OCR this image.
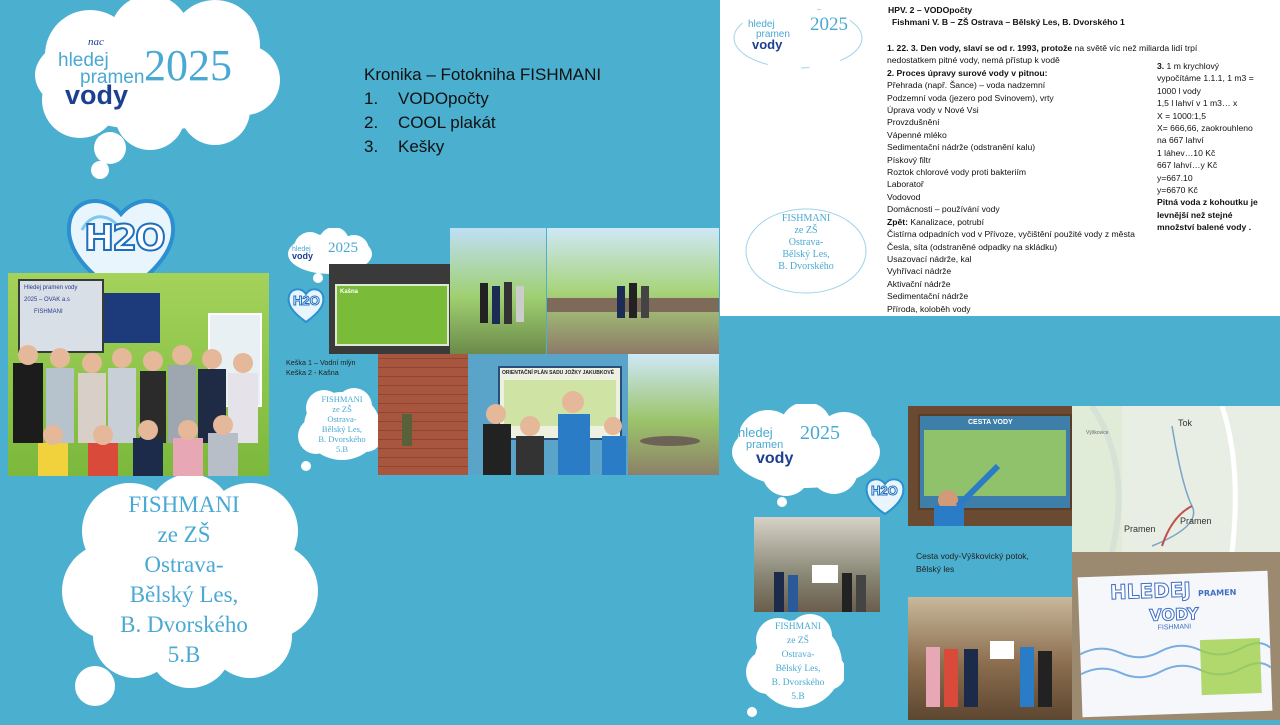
nac
hledej
pramen
vody
2025
H2O
Hledej pramen vody
2025 – OVAK a.s
FISHMANI
FISHMANI
ze ZŠ
Ostrava-
Bělský Les,
B. Dvorského
5.B
Kronika – Fotokniha FISHMANI
1. VODOpočty
2. COOL plakát
3. Kešky
hledej
vody 2025
H2O
Kašna
Keška 1 – Vodní mlýn
Keška 2 - Kašna
FISHMANI
ze ZŠ
Ostrava-
Bělský Les,
B. Dvorského
5.B
ORIENTAČNÍ PLÁN SADU JOŽKY JAKUBKOVÉ
hledej
pramen
vody
2025
HPV. 2 – VODOpočty
Fishmani V. B – ZŠ Ostrava – Bělský Les, B. Dvorského 1
1. 22. 3. Den vody, slaví se od r. 1993, protože na světě víc než miliarda lidí trpí
nedostatkem pitné vody, nemá přístup k vodě
2. Proces úpravy surové vody v pitnou:
Přehrada (např. Šance) – voda nadzemní
Podzemní voda (jezero pod Svinovem), vrty
Úprava vody v Nové Vsi
Provzdušnění
Vápenné mléko
Sedimentační nádrže (odstranění kalu)
Pískový filtr
Roztok chlorové vody proti bakteriím
Laboratoř
Vodovod
Domácnosti – používání vody
Zpět: Kanalizace, potrubí
Čistírna odpadních vod v Přívoze, vyčištění použité vody z města
Česla, síta (odstraněné odpadky na skládku)
Usazovací nádrže, kal
Vyhřívací nádrže
Aktivační nádrže
Sedimentační nádrže
Příroda, koloběh vody
3. 1 m krychlový
vypočítáme 1.1.1, 1 m3 =
1000 l vody
1,5 l lahví v 1 m3… x
X = 1000:1,5
X= 666,66, zaokrouhleno
na 667 lahví
1 láhev…10 Kč
667 lahví…y Kč
y=667.10
y=6670 Kč
Pitná voda z kohoutku je
levnější než stejné
množství balené vody .
FISHMANI
ze ZŠ
Ostrava-
Bělský Les,
B. Dvorského
hledej
pramen
vody
2025
H2O
CESTA VODY	Tok
Pramen
Pramen
Výškovice
Cesta vody-Výškovický potok,
Bělský les
FISHMANI
ze ZŠ
Ostrava-
Bělský Les,
B. Dvorského
5.B
HLEDEJ PRAMEN
VODY
FISHMANI
